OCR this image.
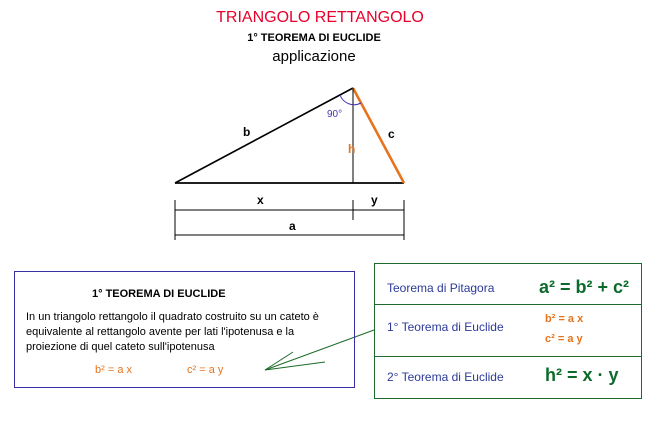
TRIANGOLO RETTANGOLO
1° TEOREMA DI EUCLIDE
applicazione
b	c
h
90°
x	y
a
1° TEOREMA DI EUCLIDE
In un triangolo rettangolo il quadrato costruito su un cateto è equivalente al rettangolo avente per lati l'ipotenusa e la proiezione di quel cateto sull'ipotenusa
b² = a x	c² = a y
Teorema di Pitagora a² = b² + c²
1° Teorema di Euclide
b² = a x
c² = a y
2° Teorema di Euclide h² = x · y
